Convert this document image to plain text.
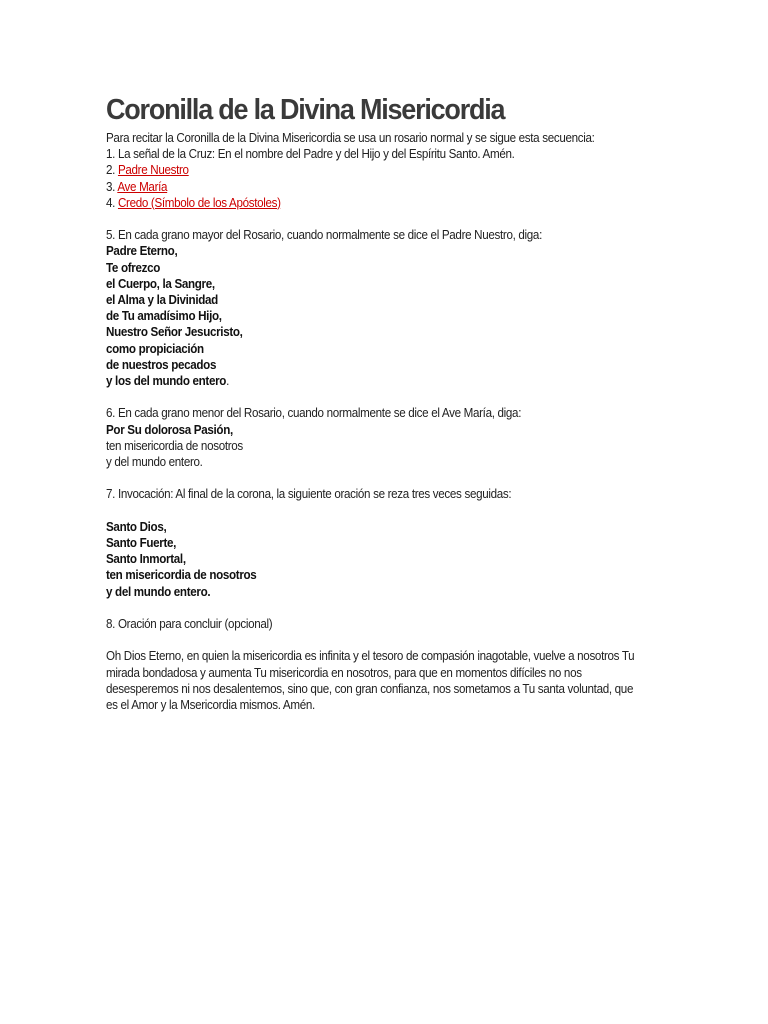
Coronilla de la Divina Misericordia
Para recitar la Coronilla de la Divina Misericordia se usa un rosario normal y se sigue esta secuencia:
1. La señal de la Cruz: En el nombre del Padre y del Hijo y del Espíritu Santo. Amén.
2. Padre Nuestro
3. Ave María
4. Credo (Símbolo de los Apóstoles)
5. En cada grano mayor del Rosario, cuando normalmente se dice el Padre Nuestro, diga:
Padre Eterno,
Te ofrezco
el Cuerpo, la Sangre,
el Alma y la Divinidad
de Tu amadísimo Hijo,
Nuestro Señor Jesucristo,
como propiciación
de nuestros pecados
y los del mundo entero.
6. En cada grano menor del Rosario, cuando normalmente se dice el Ave María, diga:
Por Su dolorosa Pasión,
ten misericordia de nosotros
y del mundo entero.
7. Invocación: Al final de la corona, la siguiente oración se reza tres veces seguidas:
Santo Dios,
Santo Fuerte,
Santo Inmortal,
ten misericordia de nosotros
y del mundo entero.
8. Oración para concluir (opcional)
Oh Dios Eterno, en quien la misericordia es infinita y el tesoro de compasión inagotable, vuelve a nosotros Tu
mirada bondadosa y aumenta Tu misericordia en nosotros, para que en momentos difíciles no nos
desesperemos ni nos desalentemos, sino que, con gran confianza, nos sometamos a Tu santa voluntad, que
es el Amor y la Msericordia mismos. Amén.
